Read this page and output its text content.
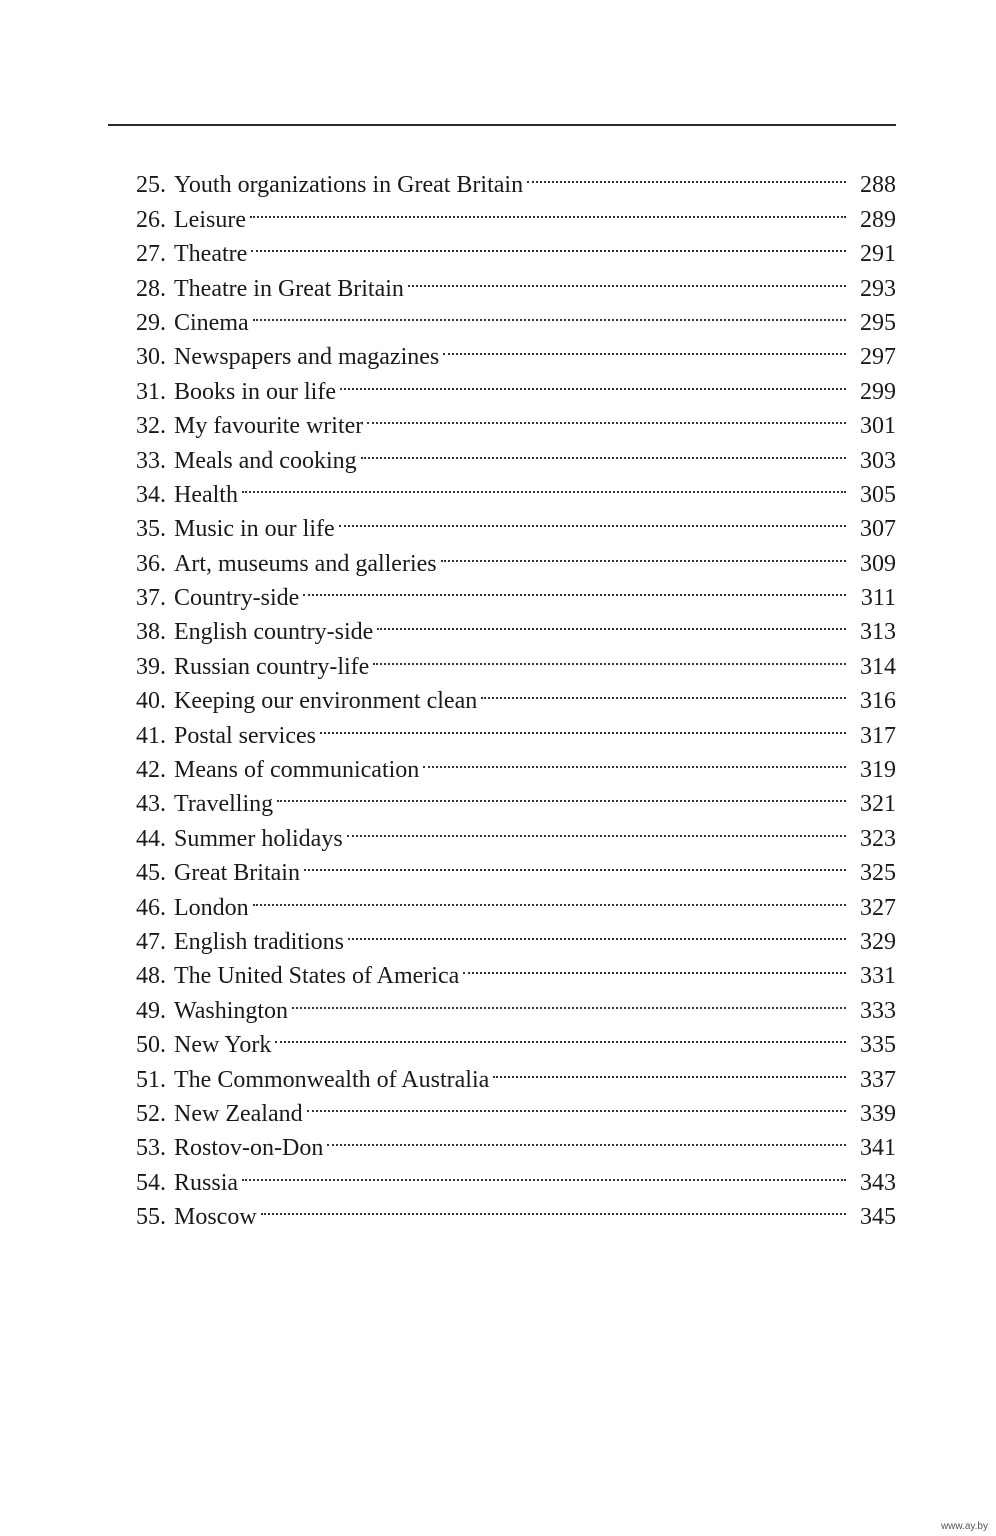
25. Youth organizations in Great Britain	288
26. Leisure	289
27. Theatre	291
28. Theatre in Great Britain	293
29. Cinema	295
30. Newspapers and magazines	297
31. Books in our life	299
32. My favourite writer	301
33. Meals and cooking	303
34. Health	305
35. Music in our life	307
36. Art, museums and galleries	309
37. Country-side	311
38. English country-side	313
39. Russian country-life	314
40. Keeping our environment clean	316
41. Postal services	317
42. Means of communication	319
43. Travelling	321
44. Summer holidays	323
45. Great Britain	325
46. London	327
47. English traditions	329
48. The United States of America	331
49. Washington	333
50. New York	335
51. The Commonwealth of Australia	337
52. New Zealand	339
53. Rostov-on-Don	341
54. Russia	343
55. Moscow	345
www.ay.by
